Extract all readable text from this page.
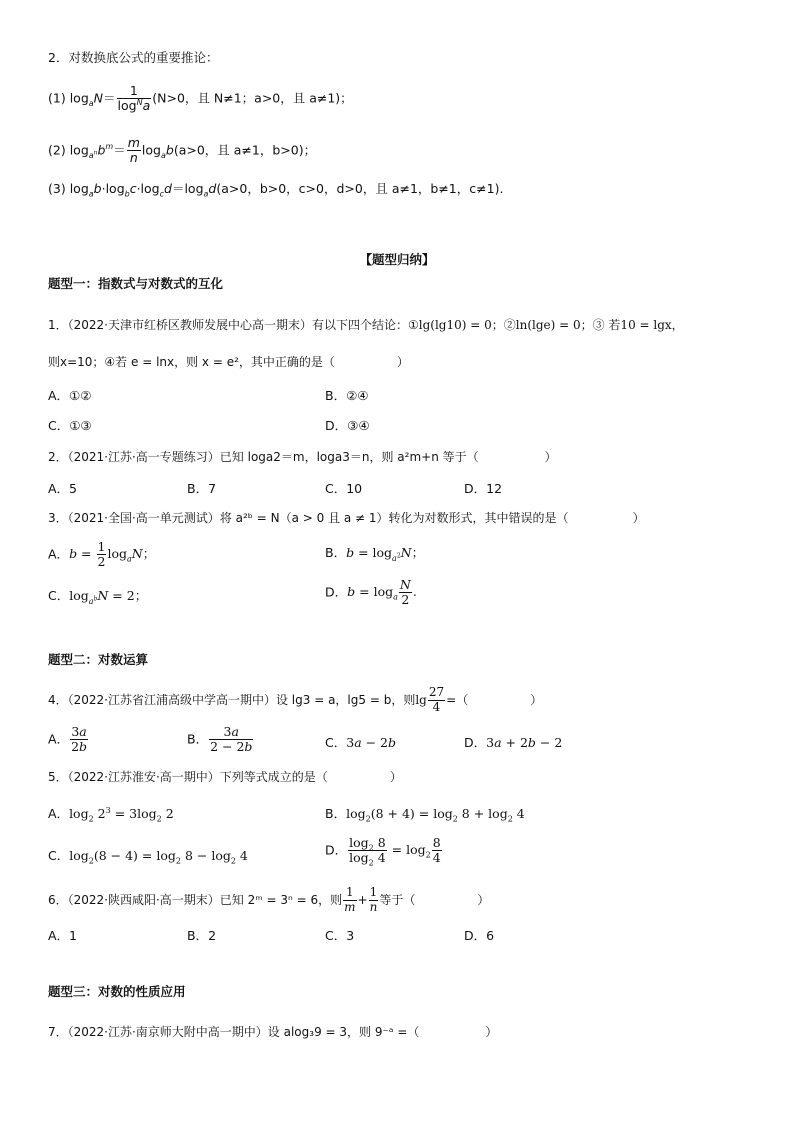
2．对数换底公式的重要推论：
(1) $\log_aN= \frac{1}{\log^Na} (N>0$，且 N≠1；a>0，且 a≠1)；
(2) $\log_{a^n}b^m= \frac{m}{n} \log_ab(a>0$，且 a≠1，b>0)；
(3) $\log_ab\cdot\log_bc\cdot\log_cd=\log_ad(a>0$，b>0，c>0，d>0，且 a≠1，b≠1，c≠1).
【题型归纳】
题型一：指数式与对数式的互化
1．（2022·天津市红桥区教师发展中心高一期末）有以下四个结论：①lg(lg10) = 0；②ln(lge) = 0；③ 若10 = lgx，
则x=10；④若 e = lnx，则 x = e²，其中正确的是（	）
A．①②	B．②④
C．①③	D．③④
2．（2021·江苏·高一专题练习）已知 loga2＝m，loga3＝n，则 a²m+n 等于（	）
A．5	B．7	C．10	D．12
3．（2021·全国·高一单元测试）将 a²ᵇ = N（a > 0 且 a ≠ 1）转化为对数形式，其中错误的是（	）
A．$b = \frac{1}{2} \log_aN$；	B．$b = \log_{a^2}N$；
C．$\log_{a^b}N = 2$；	D．$b = \log_a \frac{N}{2}$ .
题型二：对数运算
4．（2022·江苏省江浦高级中学高一期中）设 lg3 = a，lg5 = b，则$\lg \frac{27}{4}$ =（	）
A． $\frac{3a}{2b}$	B． $\frac{3a}{2 - 2b}$	C．3a − 2b	D．3a + 2b − 2
5．（2022·江苏淮安·高一期中）下列等式成立的是（	）
A．$\log_2 2^3 = 3\log_2$ 2	B．$\log_2(8 + 4) = \log_2 8 + \log_2 4$
C．$\log_2(8 - 4) = \log_2 8 - \log_2 4$	D． $\frac{\log_2 8}{\log_2 4} = \log_2 \frac{8}{4}$
6．（2022·陕西咸阳·高一期末）已知 2ᵐ = 3ⁿ = 6，则 $\frac{1}{m} + \frac{1}{n}$ 等于（	）
A．1	B．2	C．3	D．6
题型三：对数的性质应用
7．（2022·江苏·南京师大附中高一期中）设 alog₃9 = 3，则 9⁻ᵃ =（	）
